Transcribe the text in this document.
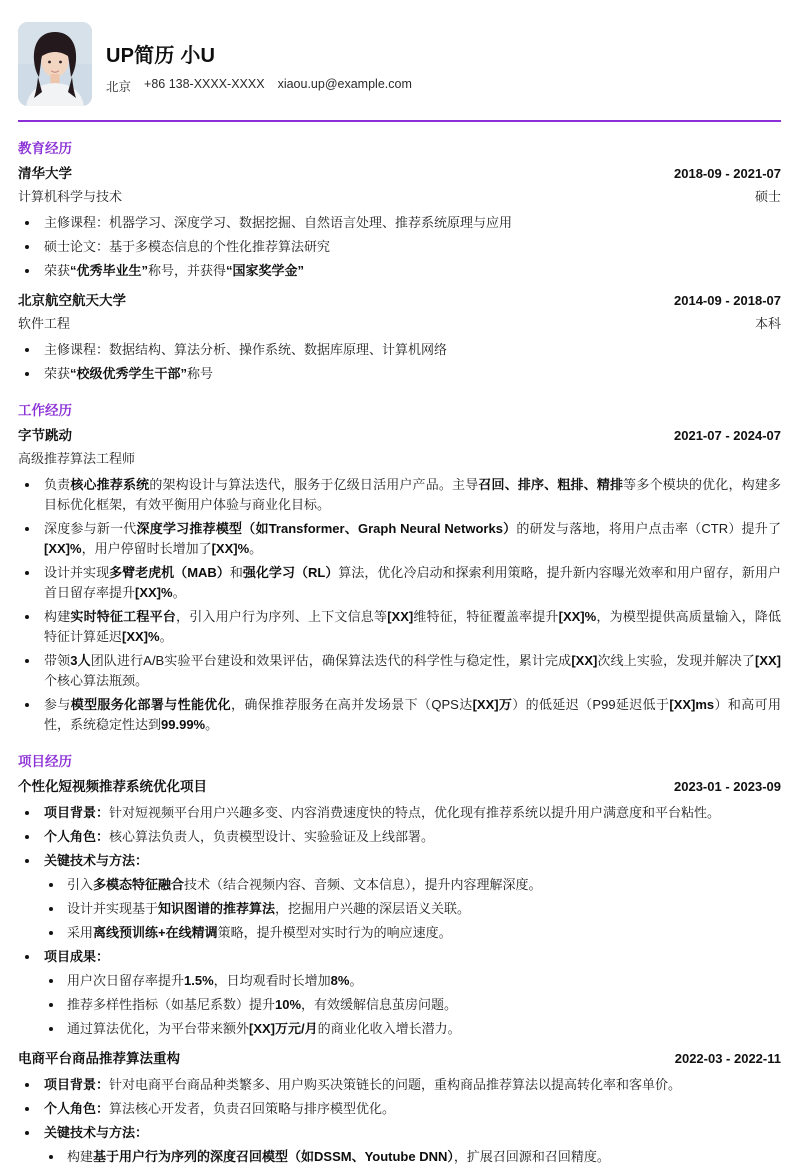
UP简历 小U
北京 +86 138-XXXX-XXXX xiaou.up@example.com
教育经历
清华大学	2018-09 - 2021-07
计算机科学与技术	硕士
主修课程：机器学习、深度学习、数据挖掘、自然语言处理、推荐系统原理与应用
硕士论文：基于多模态信息的个性化推荐算法研究
荣获“优秀毕业生”称号，并获得“国家奖学金”
北京航空航天大学	2014-09 - 2018-07
软件工程	本科
主修课程：数据结构、算法分析、操作系统、数据库原理、计算机网络
荣获“校级优秀学生干部”称号
工作经历
字节跳动	2021-07 - 2024-07
高级推荐算法工程师
负责核心推荐系统的架构设计与算法迭代，服务于亿级日活用户产品。主导召回、排序、粗排、精排等多个模块的优化，构建多目标优化框架，有效平衡用户体验与商业化目标。
深度参与新一代深度学习推荐模型（如Transformer、Graph Neural Networks）的研发与落地，将用户点击率（CTR）提升了[XX]%，用户停留时长增加了[XX]%。
设计并实现多臂老虎机（MAB）和强化学习（RL）算法，优化冷启动和探索利用策略，提升新内容曝光效率和用户留存，新用户首日留存率提升[XX]%。
构建实时特征工程平台，引入用户行为序列、上下文信息等[XX]维特征，特征覆盖率提升[XX]%，为模型提供高质量输入，降低特征计算延迟[XX]%。
带领3人团队进行A/B实验平台建设和效果评估，确保算法迭代的科学性与稳定性，累计完成[XX]次线上实验，发现并解决了[XX]个核心算法瓶颈。
参与模型服务化部署与性能优化，确保推荐服务在高并发场景下（QPS达[XX]万）的低延迟（P99延迟低于[XX]ms）和高可用性，系统稳定性达到99.99%。
项目经历
个性化短视频推荐系统优化项目	2023-01 - 2023-09
项目背景：针对短视频平台用户兴趣多变、内容消费速度快的特点，优化现有推荐系统以提升用户满意度和平台粘性。
个人角色：核心算法负责人，负责模型设计、实验验证及上线部署。
关键技术与方法：
引入多模态特征融合技术（结合视频内容、音频、文本信息），提升内容理解深度。
设计并实现基于知识图谱的推荐算法，挖掘用户兴趣的深层语义关联。
采用离线预训练+在线精调策略，提升模型对实时行为的响应速度。
项目成果：
用户次日留存率提升1.5%，日均观看时长增加8%。
推荐多样性指标（如基尼系数）提升10%，有效缓解信息茧房问题。
通过算法优化，为平台带来额外[XX]万元/月的商业化收入增长潜力。
电商平台商品推荐算法重构	2022-03 - 2022-11
项目背景：针对电商平台商品种类繁多、用户购买决策链长的问题，重构商品推荐算法以提高转化率和客单价。
个人角色：算法核心开发者，负责召回策略与排序模型优化。
关键技术与方法：
构建基于用户行为序列的深度召回模型（如DSSM、Youtube DNN），扩展召回源和召回精度。
